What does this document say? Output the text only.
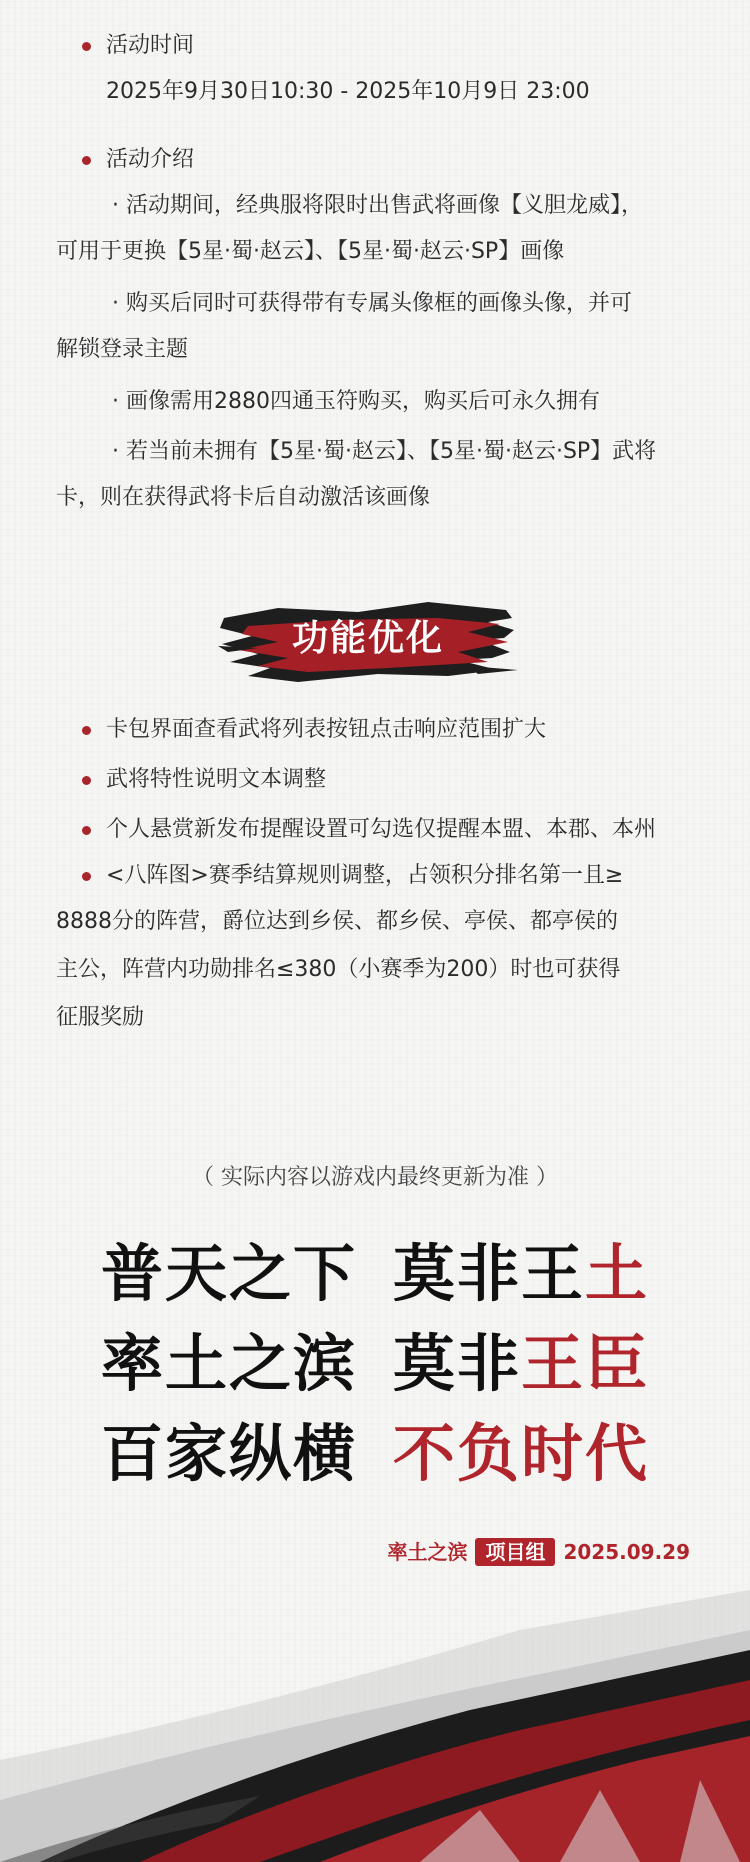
活动时间
2025年9月30日10:30 - 2025年10月9日 23:00
活动介绍
· 活动期间，经典服将限时出售武将画像【义胆龙威】，
可用于更换【5星·蜀·赵云】、【5星·蜀·赵云·SP】画像
· 购买后同时可获得带有专属头像框的画像头像，并可
解锁登录主题
· 画像需用2880四通玉符购买，购买后可永久拥有
· 若当前未拥有【5星·蜀·赵云】、【5星·蜀·赵云·SP】武将
卡，则在获得武将卡后自动激活该画像
功能优化
卡包界面查看武将列表按钮点击响应范围扩大
武将特性说明文本调整
个人悬赏新发布提醒设置可勾选仅提醒本盟、本郡、本州
<八阵图>赛季结算规则调整，占领积分排名第一且≥
8888分的阵营，爵位达到乡侯、都乡侯、亭侯、都亭侯的
主公，阵营内功勋排名≤380（小赛季为200）时也可获得
征服奖励
（ 实际内容以游戏内最终更新为准 ）
普天之下 莫非王土
率土之滨 莫非王臣
百家纵横 不负时代
率土之滨 项目组 2025.09.29
